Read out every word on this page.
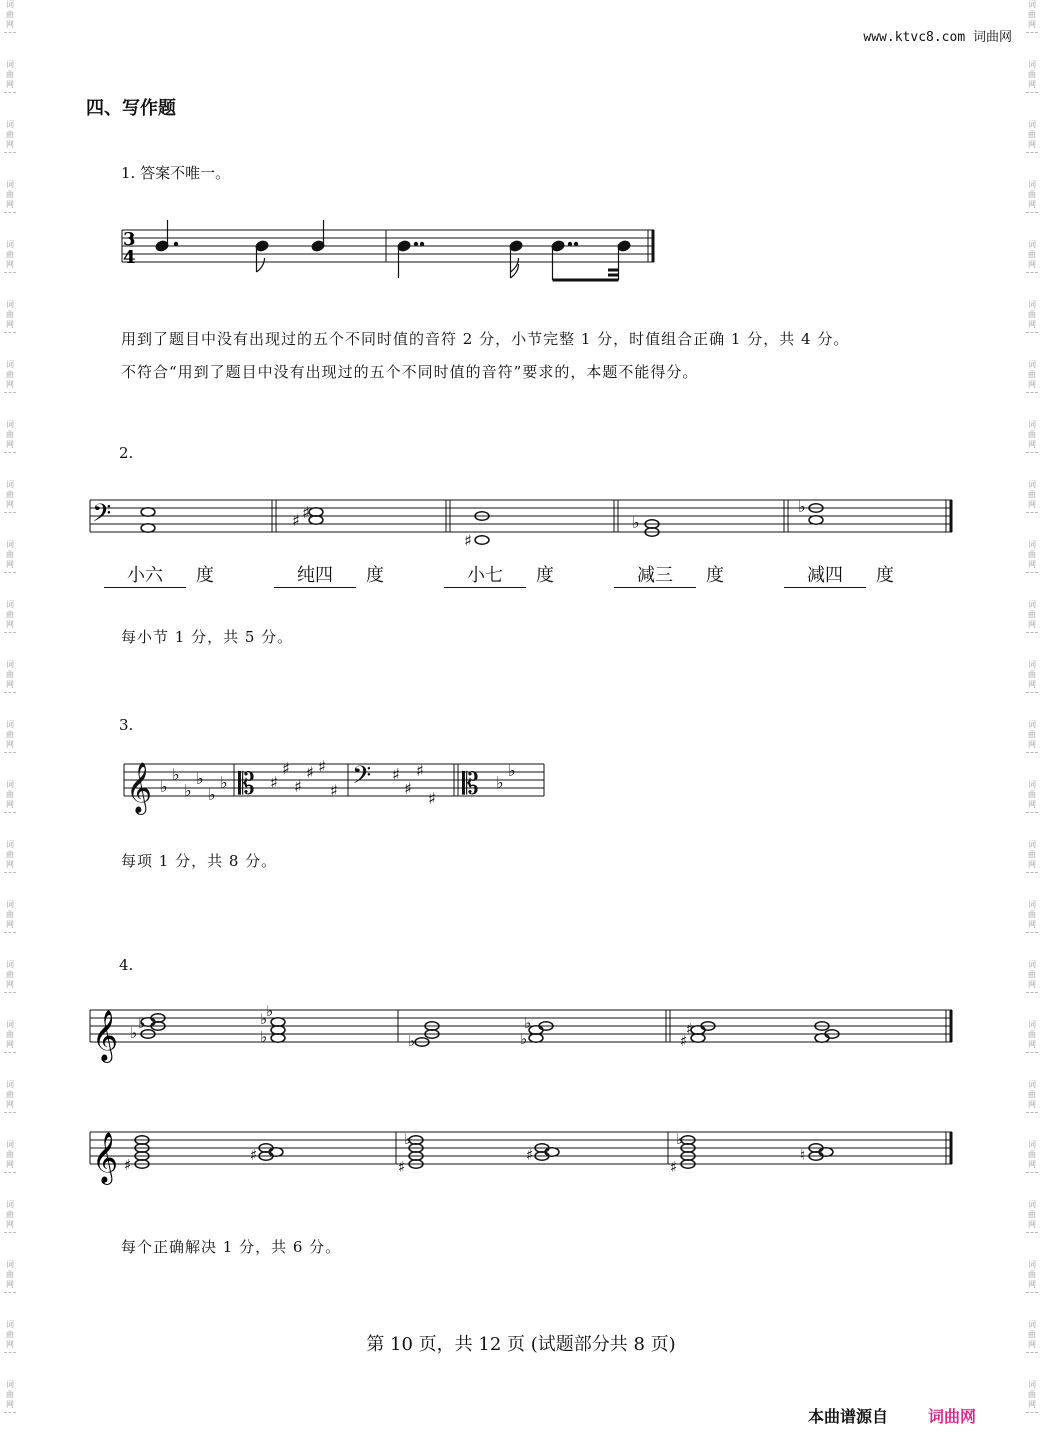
词
曲
网
词
曲
网
词
曲
网
词
曲
网
词
曲
网
词
曲
网
词
曲
网
词
曲
网
词
曲
网
词
曲
网
词
曲
网
词
曲
网
词
曲
网
词
曲
网
词
曲
网
词
曲
网
词
曲
网
词
曲
网
词
曲
网
词
曲
网
词
曲
网
词
曲
网
词
曲
网
词
曲
网
词
曲
网
词
曲
网
词
曲
网
词
曲
网
词
曲
网
词
曲
网
词
曲
网
词
曲
网
词
曲
网
词
曲
网
词
曲
网
词
曲
网
词
曲
网
词
曲
网
词
曲
网
词
曲
网
词
曲
网
词
曲
网
词
曲
网
词
曲
网
词
曲
网
词
曲
网
词
曲
网
词
曲
网
www.ktvc8.com 词曲网
四、写作题
1. 答案不唯一。
3
4
用到了题目中没有出现过的五个不同时值的音符 2 分，小节完整 1 分，时值组合正确 1 分，共 4 分。
不符合“用到了题目中没有出现过的五个不同时值的音符”要求的，本题不能得分。
2.
𝄢	♯ ♯
♯
♭
♭
小六 度	纯四 度	小七 度	减三 度	减四 度
每小节 1 分，共 5 分。
3.
𝄞 ♭
♭
♭
♭
♭
♭ 𝄡 ♯
♯
♯
♯ ♯
♯ 𝄢 ♯
♯
♯
♯ 𝄡 ♭
♭
每项 1 分，共 8 分。
4.
𝄞 ♭
♭
♭
♭
♭
♭	♭
♭
♯
♯
𝄞 ♯
♯
♯
♭
♯
♯
♭
♮
每个正确解决 1 分，共 6 分。
第 10 页，共 12 页 (试题部分共 8 页)
本曲谱源自	词曲网
